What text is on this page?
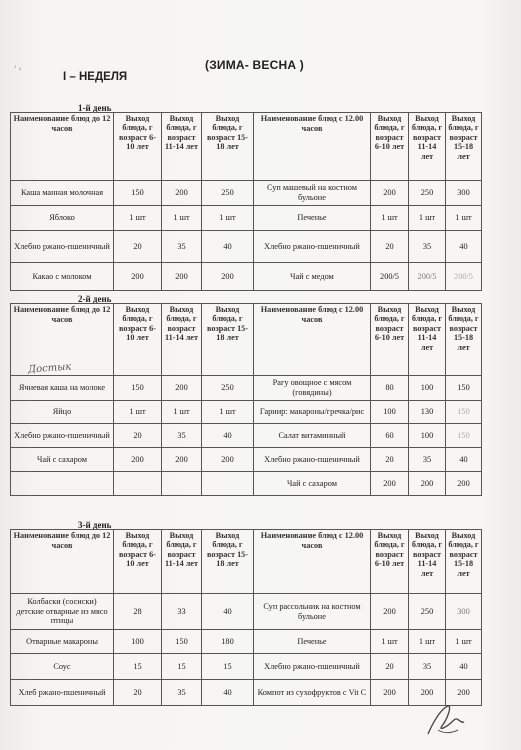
‘ ‹	(ЗИМА- ВЕСНА )
I – НЕДЕЛЯ
1-й день
Наименование блюд до 12 часов	Выход блюда, г возраст 6-10 лет	Выход блюда, г возраст 11-14 лет	Выход блюда, г возраст 15-18 лет	Наименование блюд с 12.00 часов	Выход блюда, г возраст 6-10 лет	Выход блюда, г возраст 11-14 лет	Выход блюда, г возраст 15-18 лет
Каша манная молочная	150	200	250	Суп машевый на костном бульоне	200	250	300
Яблоко	1 шт	1 шт	1 шт	Печенье	1 шт	1 шт	1 шт
Хлебно ржано-пшеничный	20	35	40	Хлебно ржано-пшеничный	20	35	40
Какао с молоком	200	200	200	Чай с медом	200/5	200/5	200/5
2-й день
Наименование блюд до 12 часов	Выход блюда, г возраст 6-10 лет	Выход блюда, г возраст 11-14 лет	Выход блюда, г возраст 15-18 лет	Наименование блюд с 12.00 часов	Выход блюда, г возраст 6-10 лет	Выход блюда, г возраст 11-14 лет	Выход блюда, г возраст 15-18 лет
Ячневая каша на молоке	150	200	250	Рагу овощное с мясом (говядины)	80	100	150
Яйцо	1 шт	1 шт	1 шт	Гарнир: макароны/гречка/рис	100	130	150
Хлебно ржано-пшеничный	20	35	40	Салат витаминный	60	100	150
Чай с сахаром	200	200	200	Хлебно ржано-пшеничный	20	35	40
				Чай с сахаром	200	200	200
Достык
3-й день
Наименование блюд до 12 часов	Выход блюда, г возраст 6-10 лет	Выход блюда, г возраст 11-14 лет	Выход блюда, г возраст 15-18 лет	Наименование блюд с 12.00 часов	Выход блюда, г возраст 6-10 лет	Выход блюда, г возраст 11-14 лет	Выход блюда, г возраст 15-18 лет
Колбаски (сосиски) детские отварные из мясо птицы	28	33	40	Суп рассольник на костном бульоне	200	250	300
Отварные макароны	100	150	180	Печенье	1 шт	1 шт	1 шт
Соус	15	15	15	Хлебно ржано-пшеничный	20	35	40
Хлеб ржано-пшеничный	20	35	40	Компот из сухофруктов с Vit C	200	200	200
